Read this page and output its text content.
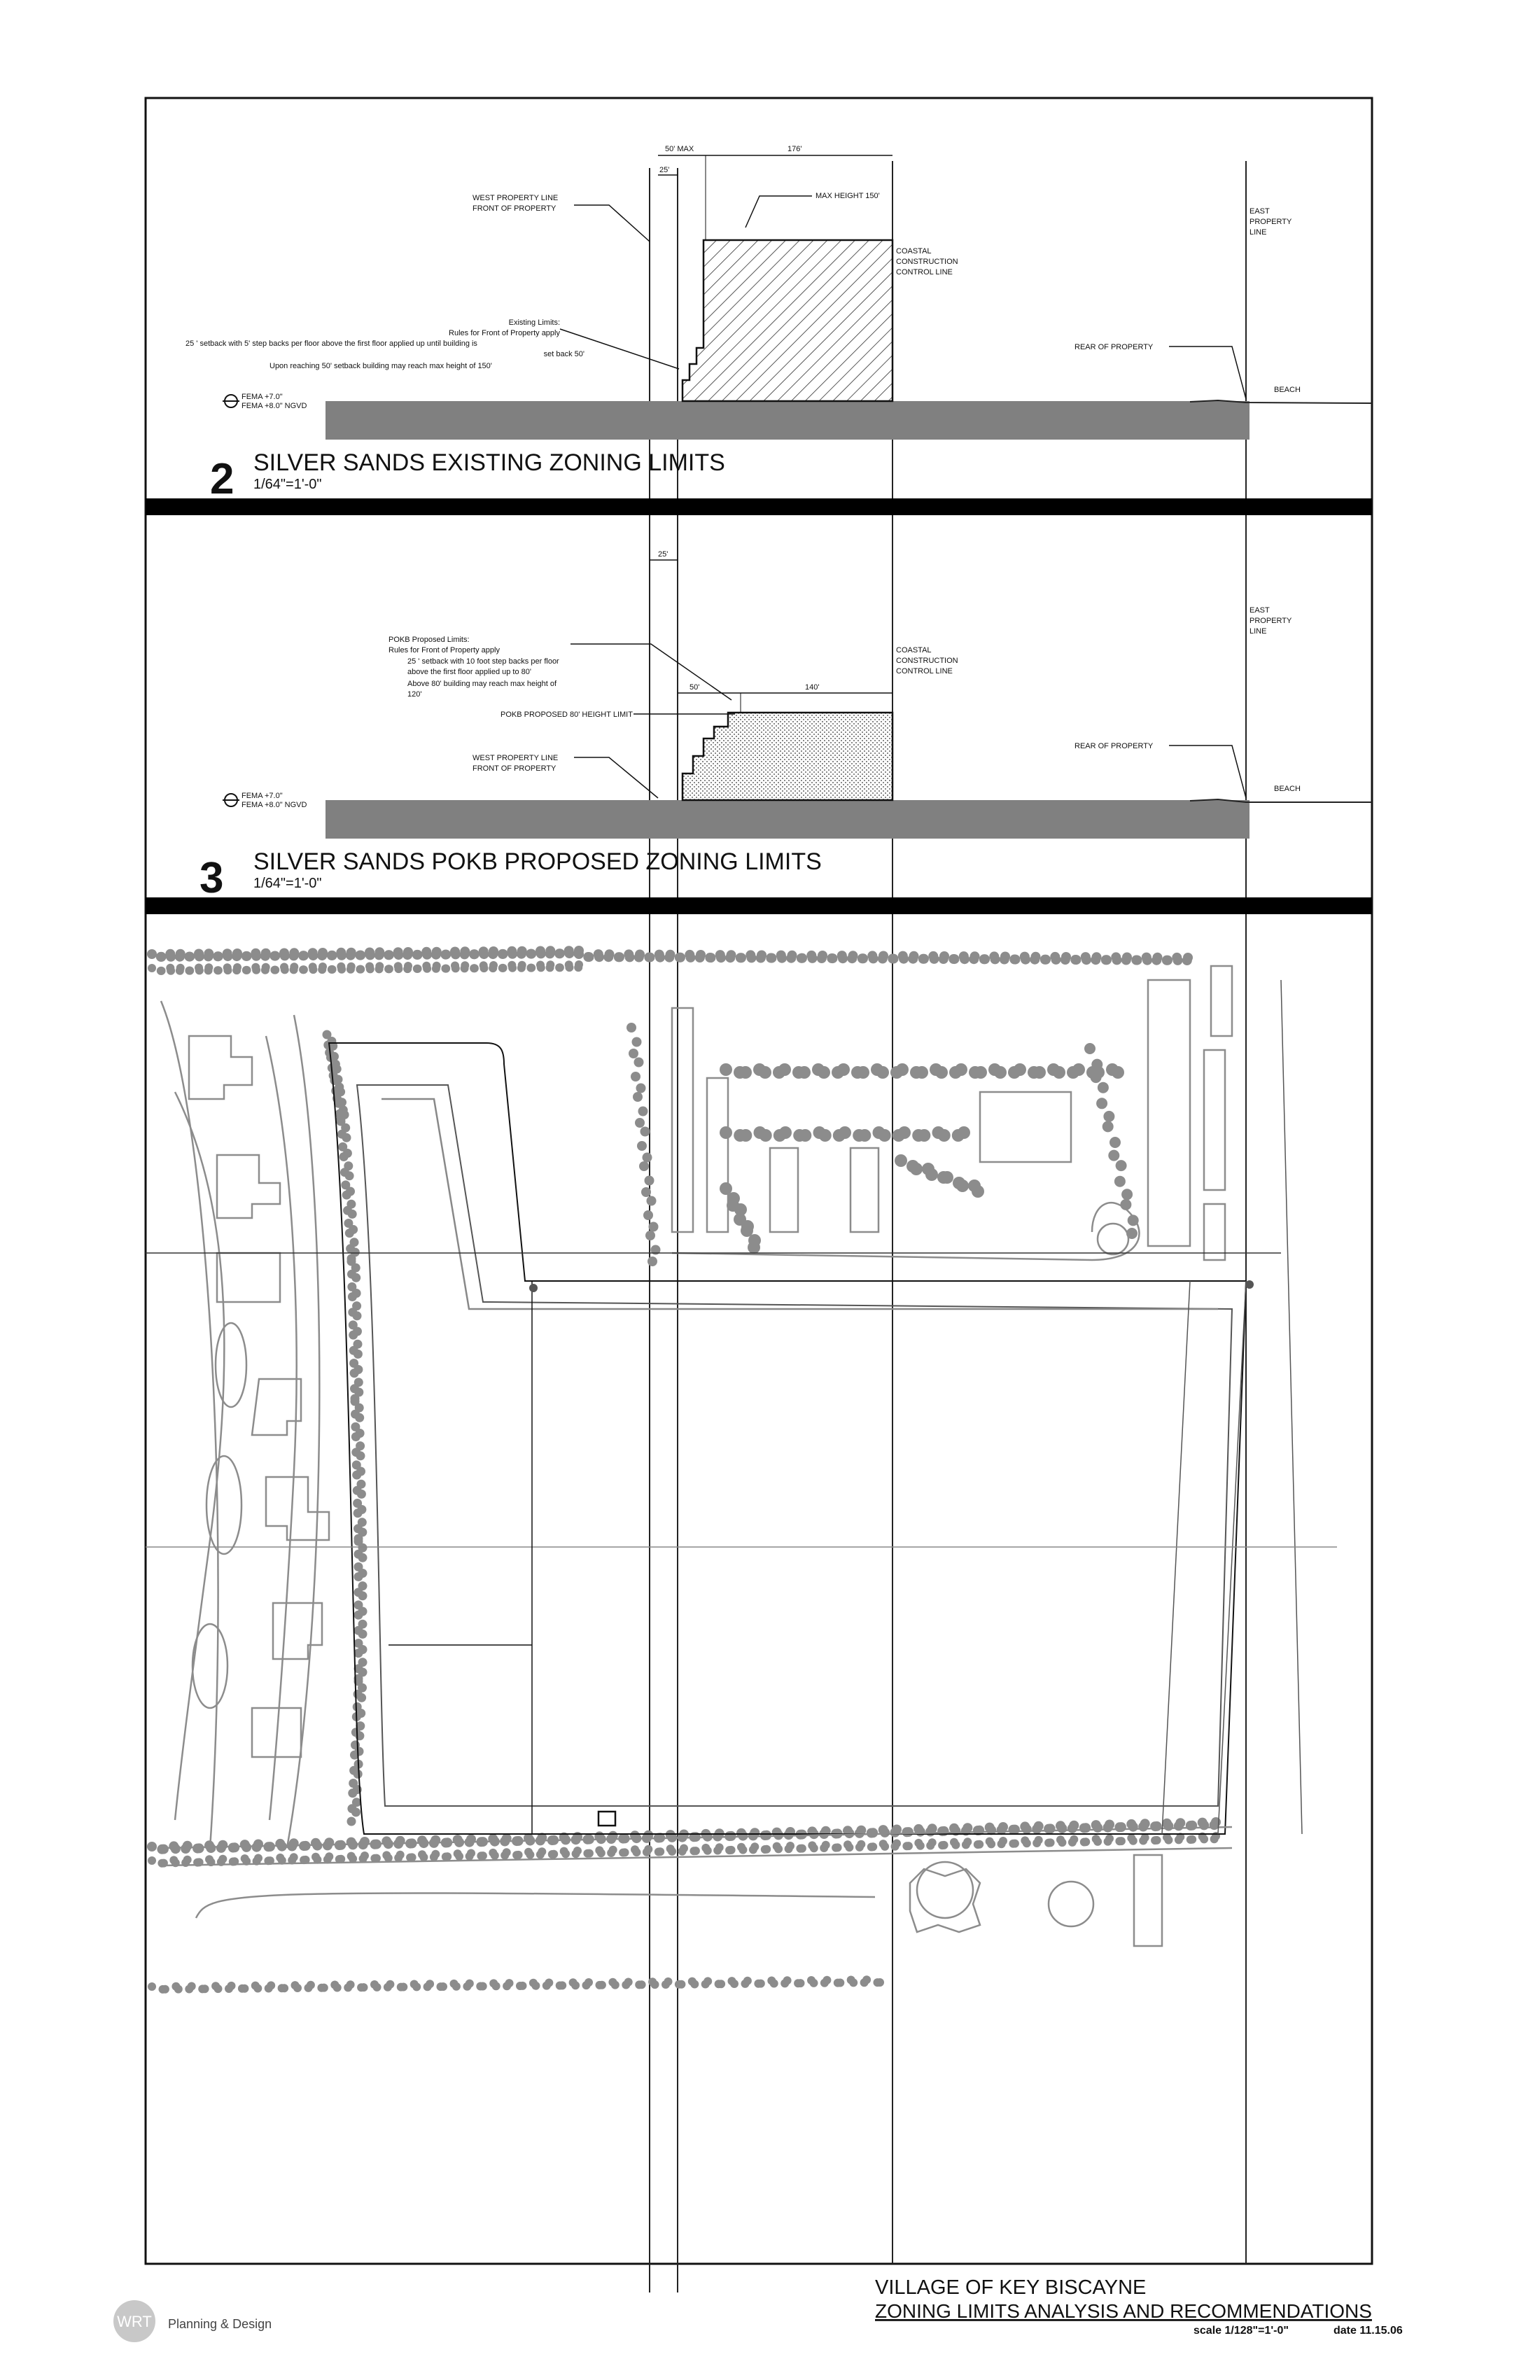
50' MAX	176'
25'
MAX HEIGHT 150'
WEST PROPERTY LINE
FRONT OF PROPERTY
COASTAL
CONSTRUCTION
CONTROL LINE
EAST
PROPERTY
LINE
REAR OF PROPERTY
BEACH
Existing Limits:
Rules for Front of Property apply
25 ' setback with 5' step backs per floor above the first floor applied up until building is
set back 50'
Upon reaching 50' setback building may reach max height of 150'
FEMA +7.0"
FEMA +8.0" NGVD
2 SILVER SANDS EXISTING ZONING LIMITS
1/64"=1'-0"
25'
50'	140'
POKB PROPOSED 80' HEIGHT LIMIT
WEST PROPERTY LINE
FRONT OF PROPERTY
COASTAL
CONSTRUCTION
CONTROL LINE
EAST
PROPERTY
LINE
REAR OF PROPERTY
BEACH
POKB Proposed Limits:
Rules for Front of Property apply
25 ' setback with 10 foot step backs per floor
above the first floor applied up to 80'
Above 80' building may reach max height of
120'
FEMA +7.0"
FEMA +8.0" NGVD
3 SILVER SANDS POKB PROPOSED ZONING LIMITS
1/64"=1'-0"
VILLAGE OF KEY BISCAYNE
ZONING LIMITS ANALYSIS AND RECOMMENDATIONS
scale 1/128"=1'-0"	date 11.15.06
WRT Planning & Design
